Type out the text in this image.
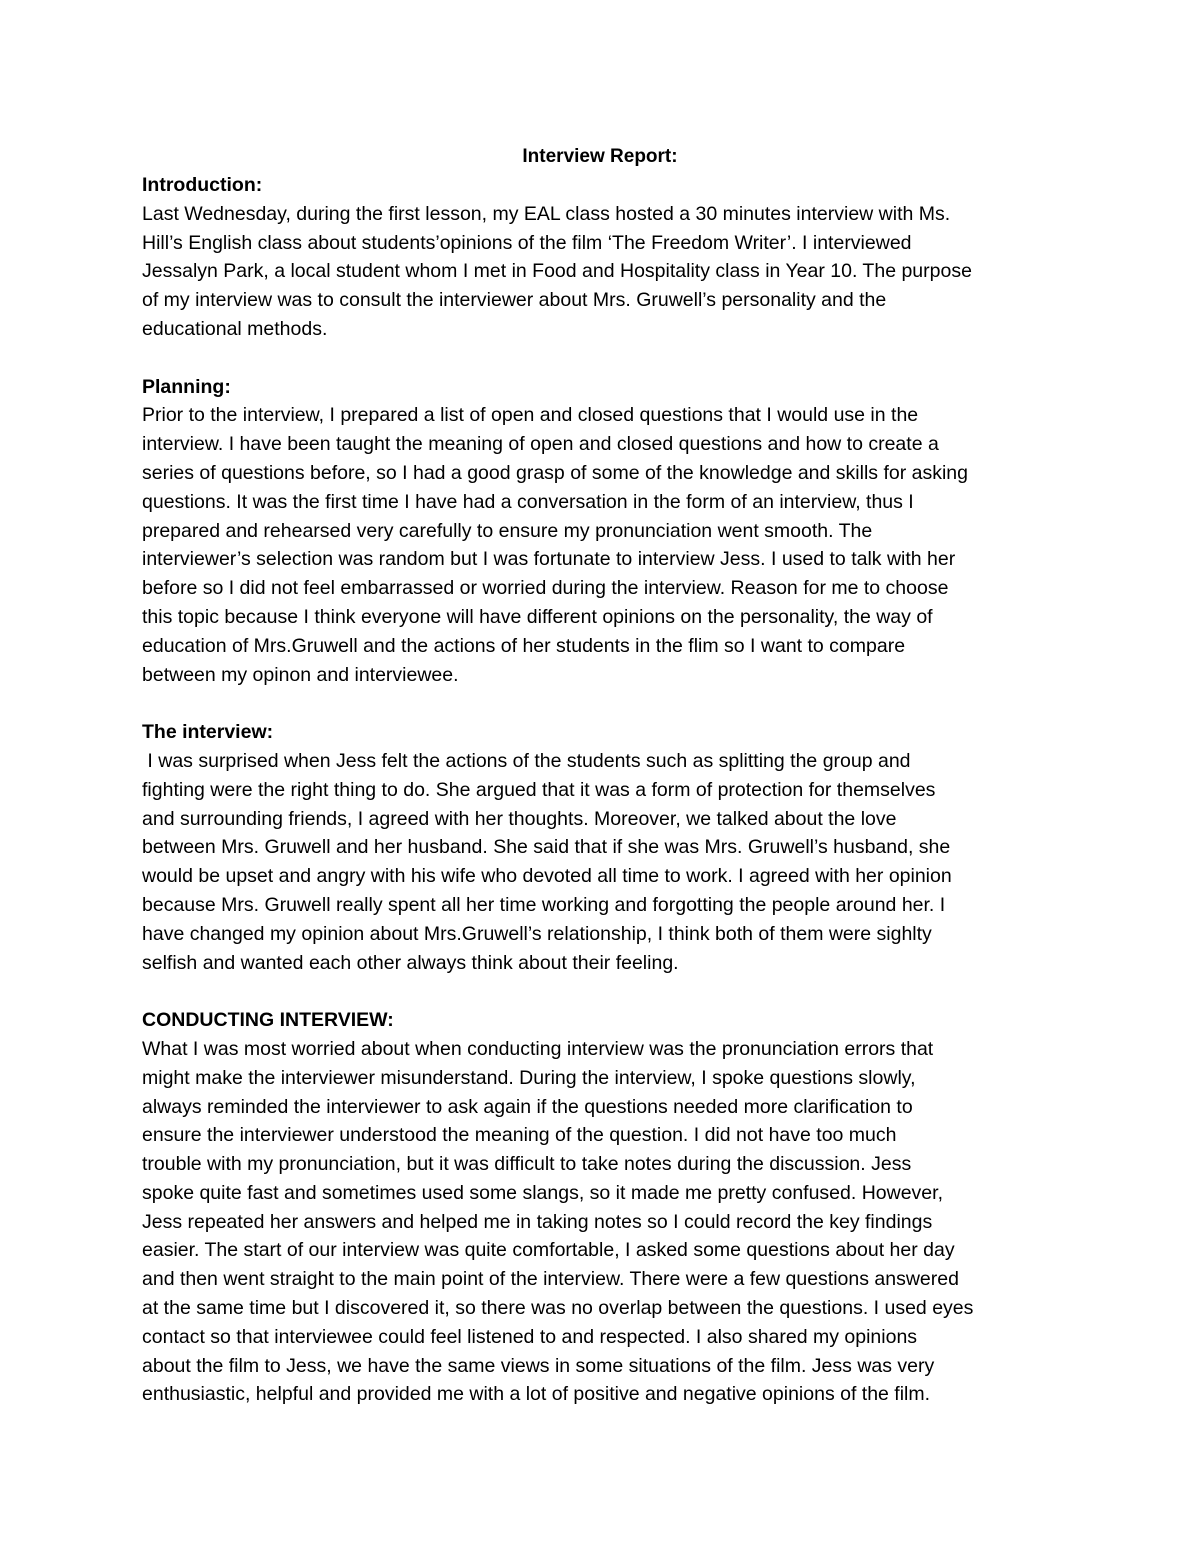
Interview Report:
Introduction:
Last Wednesday, during the first lesson, my EAL class hosted a 30 minutes interview with Ms.
Hill’s English class about students’opinions of the film ‘The Freedom Writer’. I interviewed
Jessalyn Park, a local student whom I met in Food and Hospitality class in Year 10. The purpose
of my interview was to consult the interviewer about Mrs. Gruwell’s personality and the
educational methods.
Planning:
Prior to the interview, I prepared a list of open and closed questions that I would use in the
interview. I have been taught the meaning of open and closed questions and how to create a
series of questions before, so I had a good grasp of some of the knowledge and skills for asking
questions. It was the first time I have had a conversation in the form of an interview, thus I
prepared and rehearsed very carefully to ensure my pronunciation went smooth. The
interviewer’s selection was random but I was fortunate to interview Jess. I used to talk with her
before so I did not feel embarrassed or worried during the interview. Reason for me to choose
this topic because I think everyone will have different opinions on the personality, the way of
education of Mrs.Gruwell and the actions of her students in the flim so I want to compare
between my opinon and interviewee.
The interview:
I was surprised when Jess felt the actions of the students such as splitting the group and
fighting were the right thing to do. She argued that it was a form of protection for themselves
and surrounding friends, I agreed with her thoughts. Moreover, we talked about the love
between Mrs. Gruwell and her husband. She said that if she was Mrs. Gruwell’s husband, she
would be upset and angry with his wife who devoted all time to work. I agreed with her opinion
because Mrs. Gruwell really spent all her time working and forgotting the people around her. I
have changed my opinion about Mrs.Gruwell’s relationship, I think both of them were sighlty
selfish and wanted each other always think about their feeling.
CONDUCTING INTERVIEW:
What I was most worried about when conducting interview was the pronunciation errors that
might make the interviewer misunderstand. During the interview, I spoke questions slowly,
always reminded the interviewer to ask again if the questions needed more clarification to
ensure the interviewer understood the meaning of the question. I did not have too much
trouble with my pronunciation, but it was difficult to take notes during the discussion. Jess
spoke quite fast and sometimes used some slangs, so it made me pretty confused. However,
Jess repeated her answers and helped me in taking notes so I could record the key findings
easier. The start of our interview was quite comfortable, I asked some questions about her day
and then went straight to the main point of the interview. There were a few questions answered
at the same time but I discovered it, so there was no overlap between the questions. I used eyes
contact so that interviewee could feel listened to and respected. I also shared my opinions
about the film to Jess, we have the same views in some situations of the film. Jess was very
enthusiastic, helpful and provided me with a lot of positive and negative opinions of the film.
